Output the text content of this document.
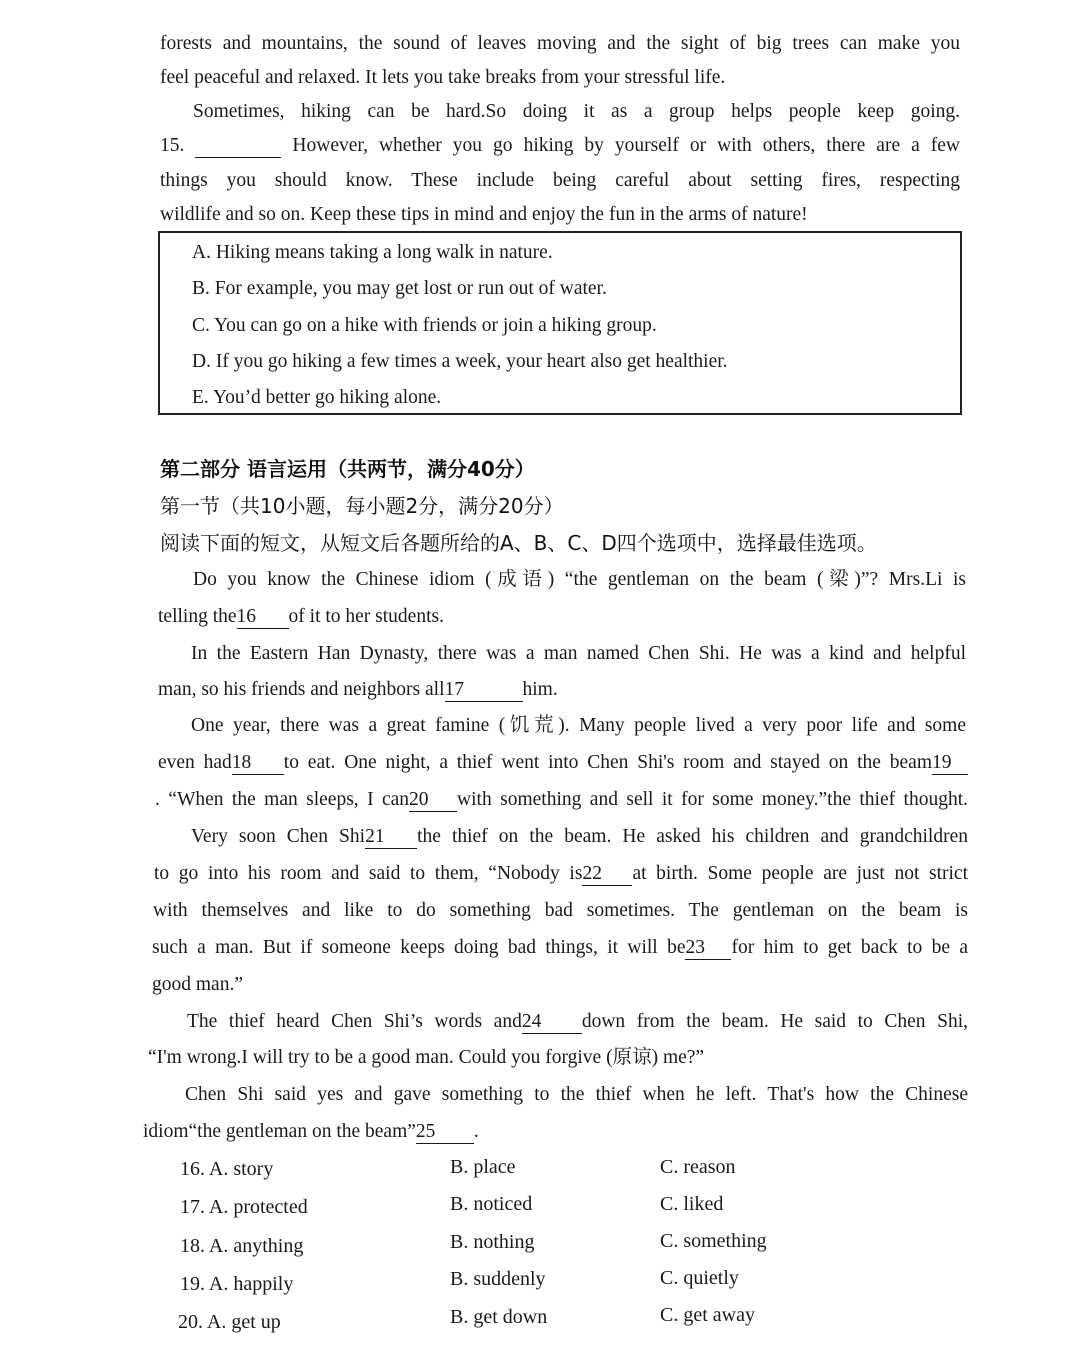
forests and mountains, the sound of leaves moving and the sight of big trees can make you

feel peaceful and relaxed. It lets you take breaks from your stressful life.

Sometimes, hiking can be hard.So doing it as a group helps people keep going.

15.	However, whether you go hiking by yourself or with others, there are a few

things you should know. These include being careful about setting fires, respecting

wildlife and so on. Keep these tips in mind and enjoy the fun in the arms of nature!

A. Hiking means taking a long walk in nature.
B. For example, you may get lost or run out of water.
C. You can go on a hike with friends or join a hiking group.
D. If you go hiking a few times a week, your heart also get healthier.
E. You’d better go hiking alone.
第二部分 语言运用（共两节，满分40分）
第一节（共10小题，每小题2分，满分20分）
阅读下面的短文，从短文后各题所给的A、B、C、D四个选项中，选择最佳选项。

Do you know the Chinese idiom (成语) “the gentleman on the beam (梁)”? Mrs.Li is

telling the16 of it to her students.

In the Eastern Han Dynasty, there was a man named Chen Shi. He was a kind and helpful

man, so his friends and neighbors all17	him.

One year, there was a great famine (饥荒). Many people lived a very poor life and some

even had18 to eat. One night, a thief went into Chen Shi's room and stayed on the beam19

. “When the man sleeps, I can20 with something and sell it for some money.”the thief thought.

Very soon Chen Shi21 the thief on the beam. He asked his children and grandchildren

to go into his room and said to them, “Nobody is22 at birth. Some people are just not strict

with themselves and like to do something bad sometimes. The gentleman on the beam is

such a man. But if someone keeps doing bad things, it will be23 for him to get back to be a

good man.”

The thief heard Chen Shi’s words and24 down from the beam. He said to Chen Shi,

“I'm wrong.I will try to be a good man. Could you forgive (原谅) me?”

Chen Shi said yes and gave something to the thief when he left. That's how the Chinese

idiom“the gentleman on the beam”25 .

16. A. story	B. place	C. reason
17. A. protected	B. noticed	C. liked
18. A. anything	B. nothing	C. something
19. A. happily	B. suddenly	C. quietly
20. A. get up	B. get down	C. get away
